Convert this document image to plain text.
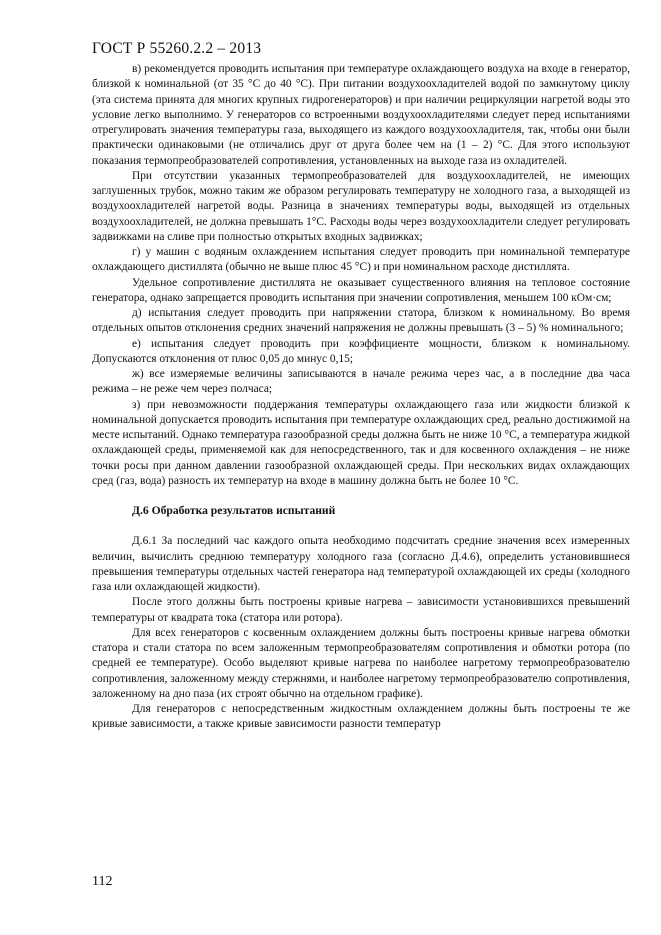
ГОСТ Р 55260.2.2 – 2013

в) рекомендуется проводить испытания при температуре охлаждающего воздуха на входе в генератор, близкой к номинальной (от 35 °С до 40 °С). При питании воздухоохладителей водой по замкнутому циклу (эта система принята для многих крупных гидрогенераторов) и при наличии рециркуляции нагретой воды это условие легко выполнимо. У генераторов со встроенными воздухоохладителями следует перед испытаниями отрегулировать значения температуры газа, выходящего из каждого воздухоохладителя, так, чтобы они были практически одинаковыми (не отличались друг от друга более чем на (1 – 2) °С. Для этого используют показания термопреобразователей сопротивления, установленных на выходе газа из охладителей.

При отсутствии указанных термопреобразователей для воздухоохладителей, не имеющих заглушенных трубок, можно таким же образом регулировать температуру не холодного газа, а выходящей из воздухоохладителей нагретой воды. Разница в значениях температуры воды, выходящей из отдельных воздухоохладителей, не должна превышать 1°С. Расходы воды через воздухоохладители следует регулировать задвижками на сливе при полностью открытых входных задвижках;

г) у машин с водяным охлаждением испытания следует проводить при номинальной температуре охлаждающего дистиллята (обычно не выше плюс 45 °С) и при номинальном расходе дистиллята.

Удельное сопротивление дистиллята не оказывает существенного влияния на тепловое состояние генератора, однако запрещается проводить испытания при значении сопротивления, меньшем 100 кОм·см;

д) испытания следует проводить при напряжении статора, близком к номинальному. Во время отдельных опытов отклонения средних значений напряжения не должны превышать (3 – 5) % номинального;

е) испытания следует проводить при коэффициенте мощности, близком к номинальному. Допускаются отклонения от плюс 0,05 до минус 0,15;

ж) все измеряемые величины записываются в начале режима через час, а в последние два часа режима – не реже чем через полчаса;

з) при невозможности поддержания температуры охлаждающего газа или жидкости близкой к номинальной допускается проводить испытания при температуре охлаждающих сред, реально достижимой на месте испытаний. Однако температура газообразной среды должна быть не ниже 10 °С, а температура жидкой охлаждающей среды, применяемой как для непосредственного, так и для косвенного охлаждения – не ниже точки росы при данном давлении газообразной охлаждающей среды. При нескольких видах охлаждающих сред (газ, вода) разность их температур на входе в машину должна быть не более 10 °С.

Д.6 Обработка результатов испытаний

Д.6.1 За последний час каждого опыта необходимо подсчитать средние значения всех измеренных величин, вычислить среднюю температуру холодного газа (согласно Д.4.6), определить установившиеся превышения температуры отдельных частей генератора над температурой охлаждающей их среды (холодного газа или охлаждающей жидкости).

После этого должны быть построены кривые нагрева – зависимости установившихся превышений температуры от квадрата тока (статора или ротора).

Для всех генераторов с косвенным охлаждением должны быть построены кривые нагрева обмотки статора и стали статора по всем заложенным термопреобразователям сопротивления и обмотки ротора (по средней ее температуре). Особо выделяют кривые нагрева по наиболее нагретому термопреобразователю сопротивления, заложенному между стержнями, и наиболее нагретому термопреобразователю сопротивления, заложенному на дно паза (их строят обычно на отдельном графике).

Для генераторов с непосредственным жидкостным охлаждением должны быть построены те же кривые зависимости, а также кривые зависимости разности температур

112
